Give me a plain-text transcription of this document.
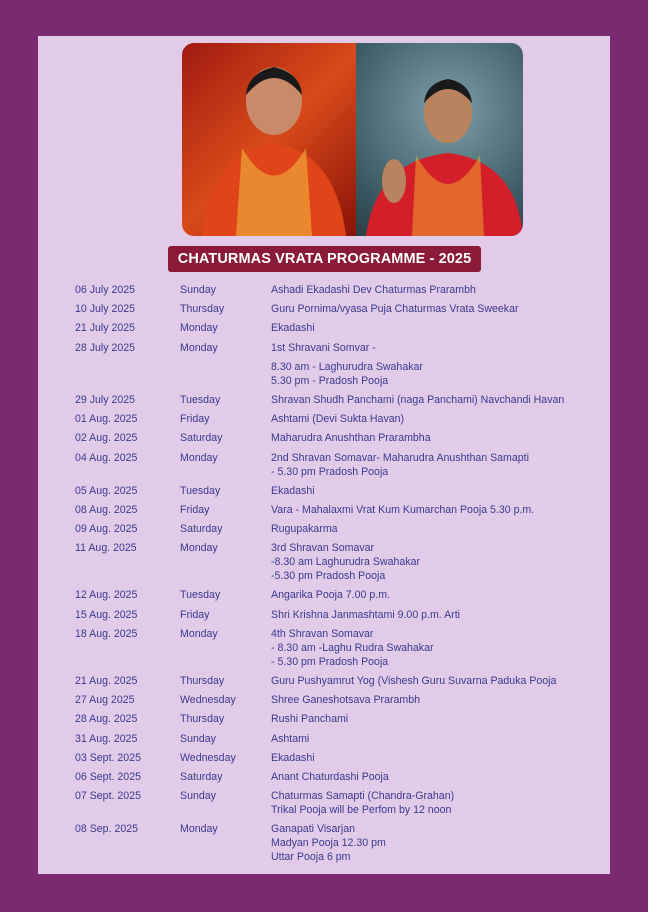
CHATURMAS VRATA PROGRAMME - 2025
06 July 2025	Sunday	Ashadi Ekadashi Dev Chaturmas Prarambh
10 July 2025	Thursday	Guru Pornima/vyasa Puja Chaturmas Vrata Sweekar
21 July 2025	Monday	Ekadashi
28 July 2025	Monday	1st Shravani Somvar -
8.30 am - Laghurudra Swahakar
5.30 pm - Pradosh Pooja
29 July 2025	Tuesday	Shravan Shudh Panchami (naga Panchami) Navchandi Havan
01 Aug. 2025	Friday	Ashtami (Devi Sukta Havan)
02 Aug. 2025	Saturday	Maharudra Anushthan Prarambha
04 Aug. 2025	Monday	2nd Shravan Somavar- Maharudra Anushthan Samapti
- 5.30 pm Pradosh Pooja
05 Aug. 2025	Tuesday	Ekadashi
08 Aug. 2025	Friday	Vara - Mahalaxmi Vrat Kum Kumarchan Pooja 5.30 p.m.
09 Aug. 2025	Saturday	Rugupakarma
11 Aug. 2025	Monday	3rd Shravan Somavar
-8.30 am Laghurudra Swahakar
-5.30 pm Pradosh Pooja
12 Aug. 2025	Tuesday	Angarika Pooja 7.00 p.m.
15 Aug. 2025	Friday	Shri Krishna Janmashtami 9.00 p.m. Arti
18 Aug. 2025	Monday	4th Shravan Somavar
- 8.30 am -Laghu Rudra Swahakar
- 5.30 pm Pradosh Pooja
21 Aug. 2025	Thursday	Guru Pushyamrut Yog (Vishesh Guru Suvarna Paduka Pooja
27 Aug 2025	Wednesday	Shree Ganeshotsava Prarambh
28 Aug. 2025	Thursday	Rushi Panchami
31 Aug. 2025	Sunday	Ashtami
03 Sept. 2025	Wednesday	Ekadashi
06 Sept. 2025	Saturday	Anant Chaturdashi Pooja
07 Sept. 2025	Sunday	Chaturmas Samapti (Chandra-Grahan)
Trikal Pooja will be Perfom by 12 noon
08 Sep. 2025	Monday	Ganapati Visarjan
Madyan Pooja 12.30 pm
Uttar Pooja 6 pm
